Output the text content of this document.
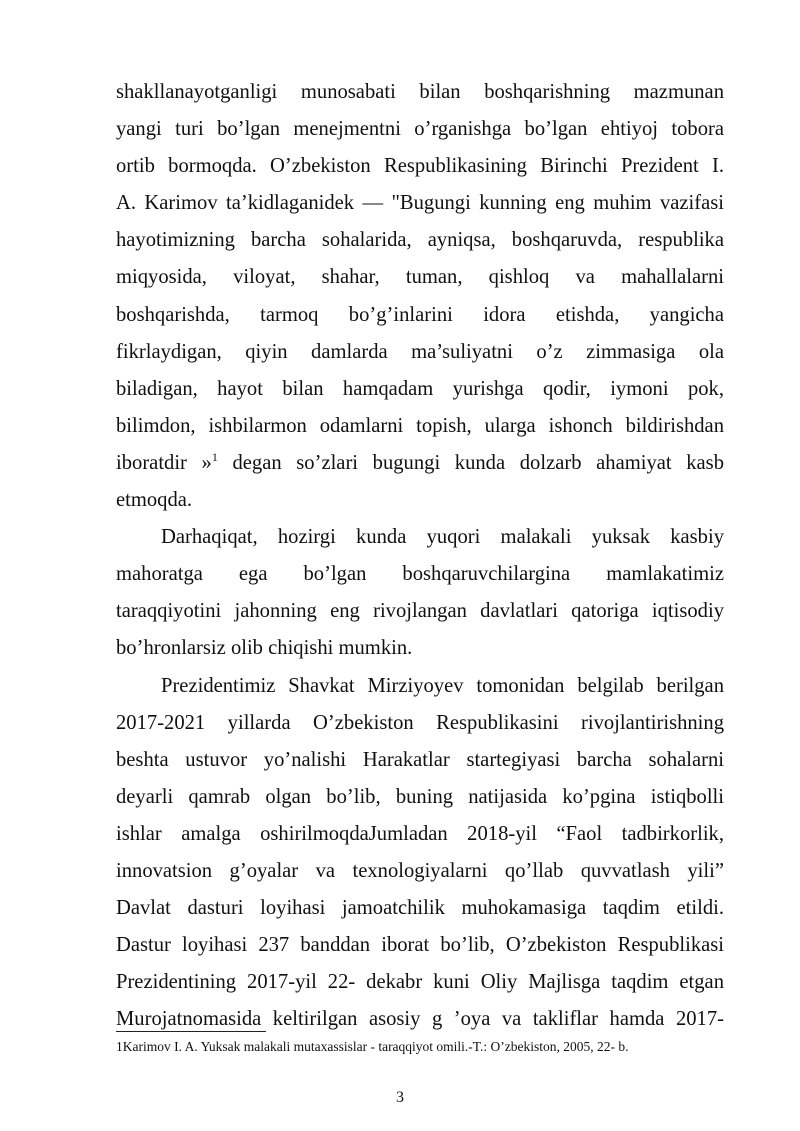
shakllanayotganligi munosabati bilan boshqarishning mazmunan
yangi turi bo’lgan menejmentni o’rganishga bo’lgan ehtiyoj tobora
ortib bormoqda. O’zbekiston Respublikasining Birinchi Prezident I.
A. Karimov ta’kidlaganidek — "Bugungi kunning eng muhim vazifasi
hayotimizning barcha sohalarida, ayniqsa, boshqaruvda, respublika
miqyosida, viloyat, shahar, tuman, qishloq va mahallalarni
boshqarishda, tarmoq bo’g’inlarini idora etishda, yangicha
fikrlaydigan, qiyin damlarda ma’suliyatni o’z zimmasiga ola
biladigan, hayot bilan hamqadam yurishga qodir, iymoni pok,
bilimdon, ishbilarmon odamlarni topish, ularga ishonch bildirishdan
iboratdir »$^1$ degan so’zlari bugungi kunda dolzarb ahamiyat kasb
etmoqda.
Darhaqiqat, hozirgi kunda yuqori malakali yuksak kasbiy
mahoratga ega bo’lgan boshqaruvchilargina mamlakatimiz
taraqqiyotini jahonning eng rivojlangan davlatlari qatoriga iqtisodiy
bo’hronlarsiz olib chiqishi mumkin.
Prezidentimiz Shavkat Mirziyoyev tomonidan belgilab berilgan
2017-2021 yillarda O’zbekiston Respublikasini rivojlantirishning
beshta ustuvor yo’nalishi Harakatlar startegiyasi barcha sohalarni
deyarli qamrab olgan bo’lib, buning natijasida ko’pgina istiqbolli
ishlar amalga oshirilmoqdaJumladan 2018-yil “Faol tadbirkorlik,
innovatsion g’oyalar va texnologiyalarni qo’llab quvvatlash yili”
Davlat dasturi loyihasi jamoatchilik muhokamasiga taqdim etildi.
Dastur loyihasi 237 banddan iborat bo’lib, O’zbekiston Respublikasi
Prezidentining 2017-yil 22- dekabr kuni Oliy Majlisga taqdim etgan
Murojatnomasida keltirilgan asosiy g ’oya va takliflar hamda 2017-
1Karimov I. A. Yuksak malakali mutaxassislar - taraqqiyot omili.-T.: O’zbekiston, 2005, 22- b.
3
